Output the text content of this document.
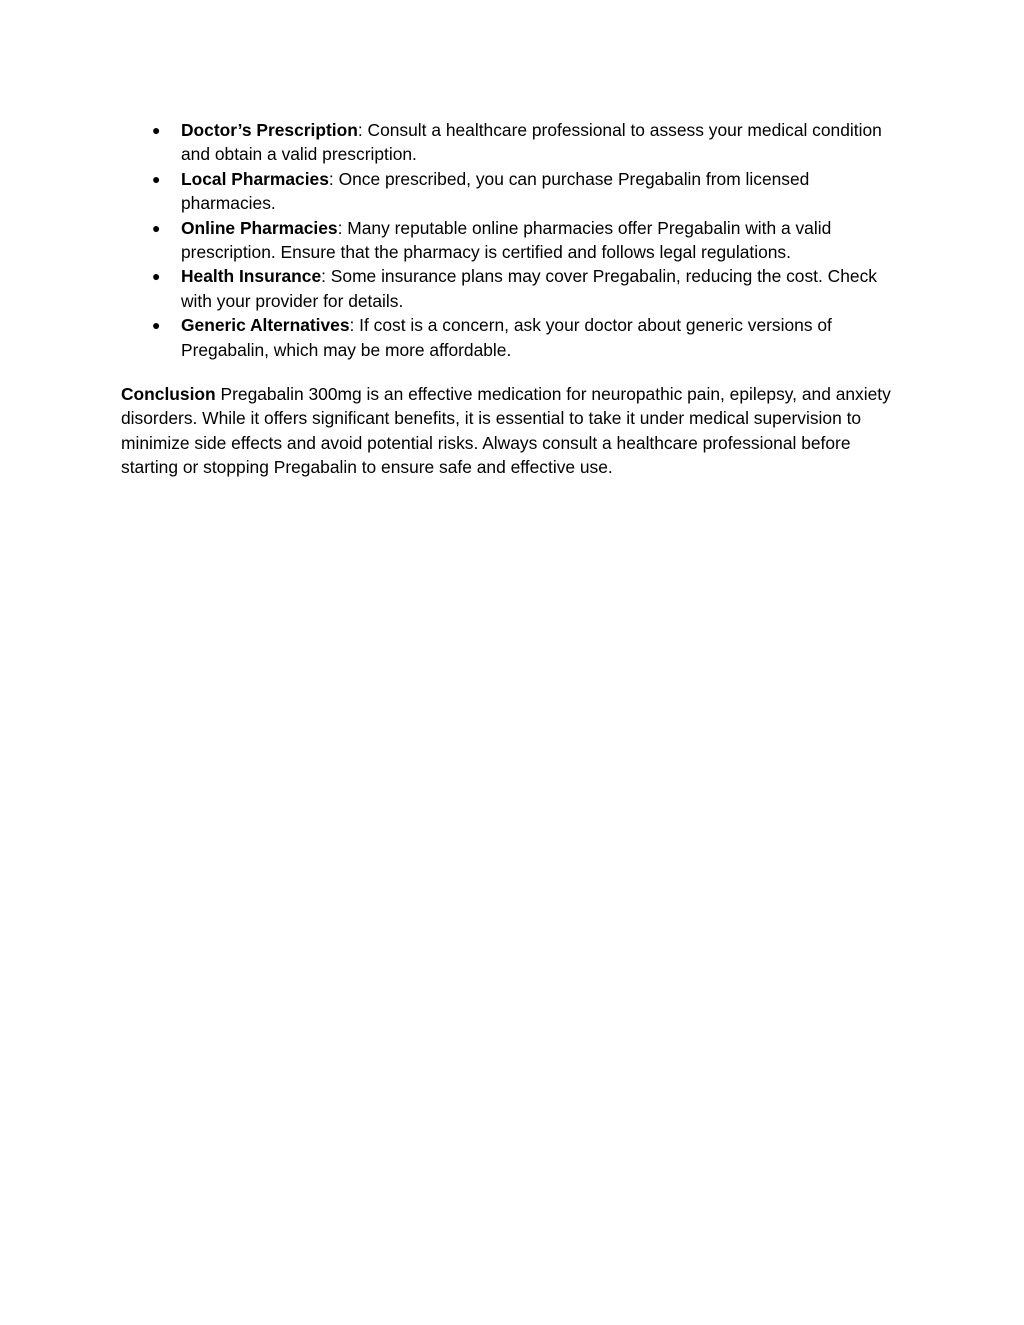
● Doctor’s Prescription: Consult a healthcare professional to assess your medical condition and obtain a valid prescription.
● Local Pharmacies: Once prescribed, you can purchase Pregabalin from licensed pharmacies.
● Online Pharmacies: Many reputable online pharmacies offer Pregabalin with a valid prescription. Ensure that the pharmacy is certified and follows legal regulations.
● Health Insurance: Some insurance plans may cover Pregabalin, reducing the cost. Check with your provider for details.
● Generic Alternatives: If cost is a concern, ask your doctor about generic versions of Pregabalin, which may be more affordable.

Conclusion Pregabalin 300mg is an effective medication for neuropathic pain, epilepsy, and anxiety disorders. While it offers significant benefits, it is essential to take it under medical supervision to minimize side effects and avoid potential risks. Always consult a healthcare professional before starting or stopping Pregabalin to ensure safe and effective use.
